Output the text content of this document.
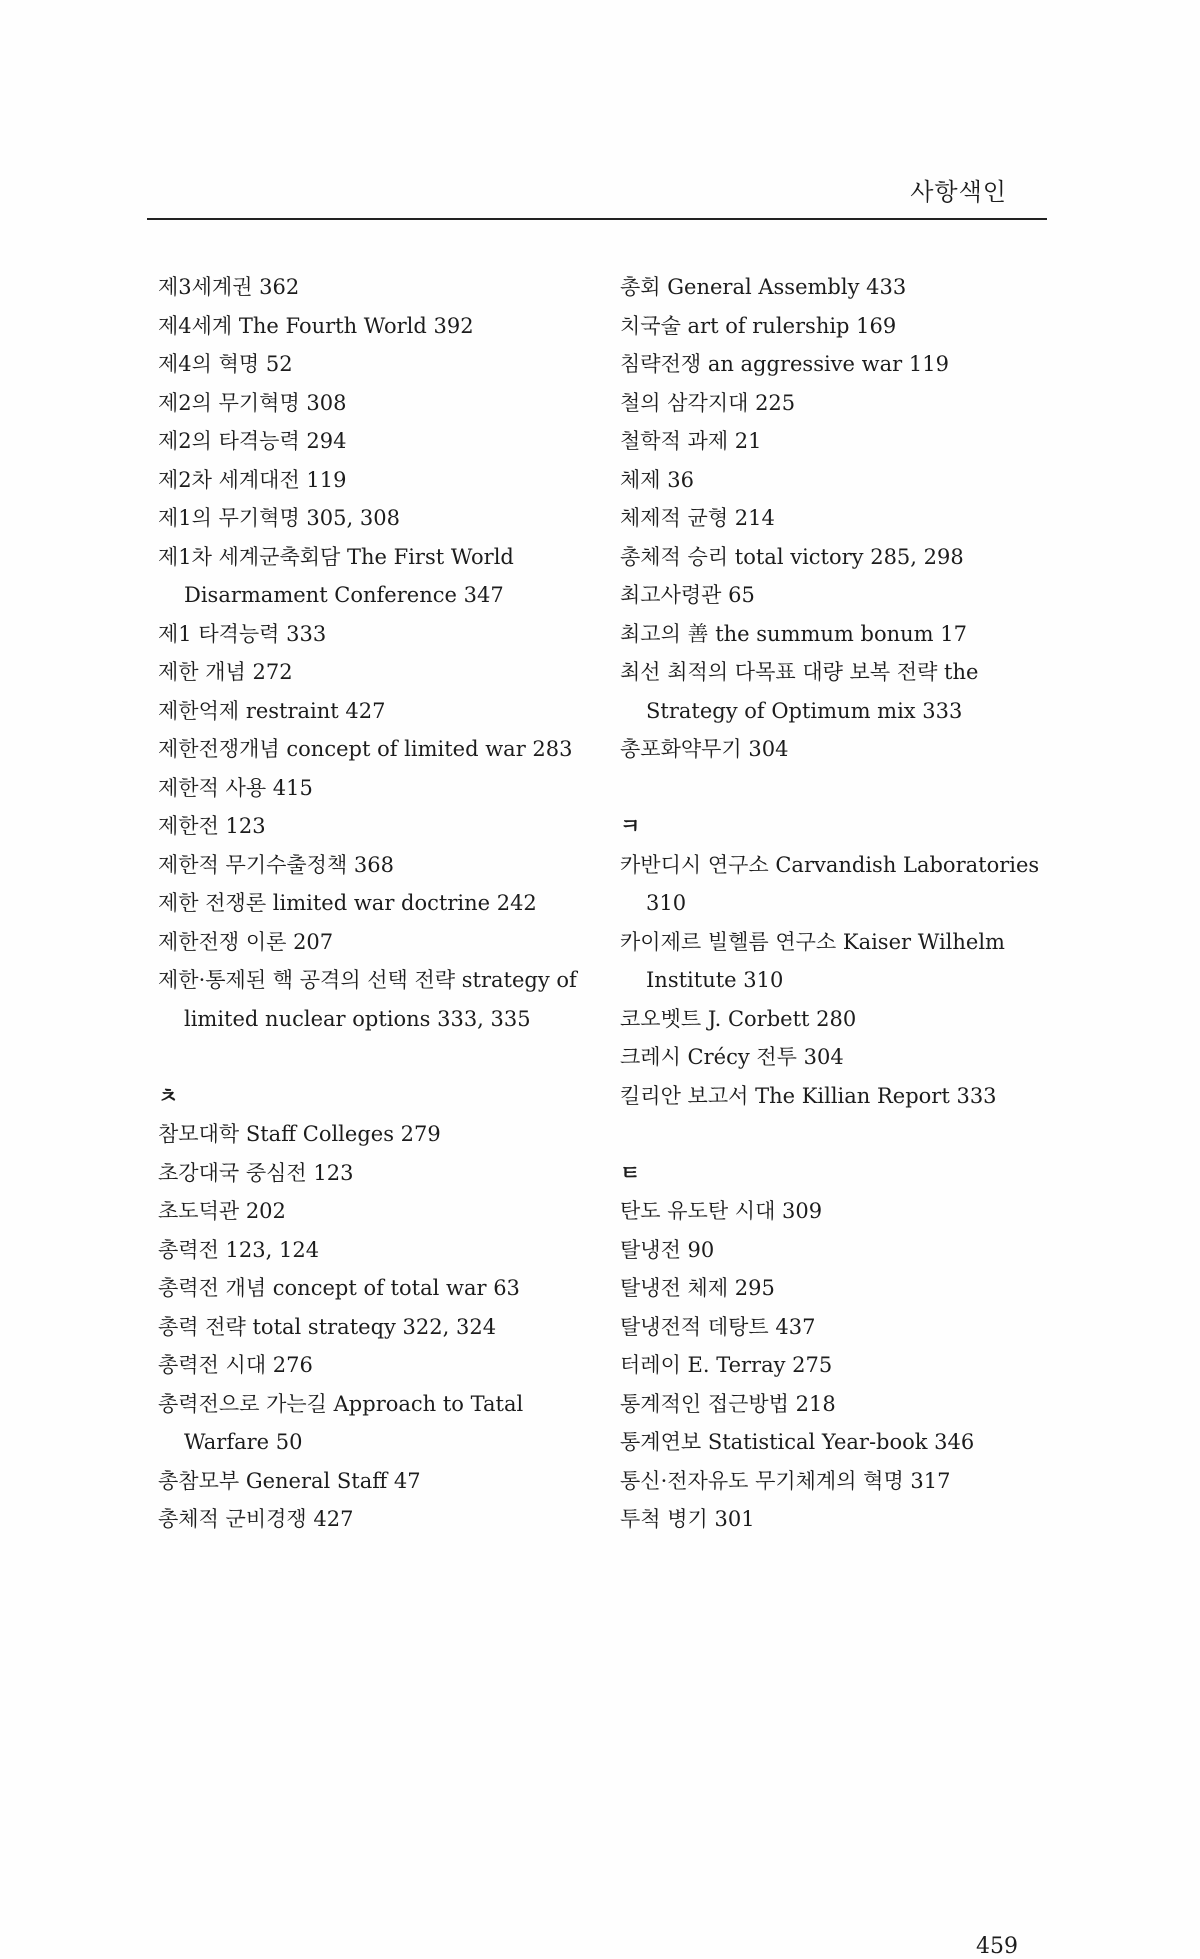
사항색인
제3세계권 362
제4세계 The Fourth World 392
제4의 혁명 52
제2의 무기혁명 308
제2의 타격능력 294
제2차 세계대전 119
제1의 무기혁명 305, 308
제1차 세계군축회담 The First World Disarmament Conference 347
제1 타격능력 333
제한 개념 272
제한억제 restraint 427
제한전쟁개념 concept of limited war 283
제한적 사용 415
제한전 123
제한적 무기수출정책 368
제한 전쟁론 limited war doctrine 242
제한전쟁 이론 207
제한·통제된 핵 공격의 선택 전략 strategy of limited nuclear options 333, 335
ㅊ
참모대학 Staff Colleges 279
초강대국 중심전 123
초도덕관 202
총력전 123, 124
총력전 개념 concept of total war 63
총력 전략 total strateqy 322, 324
총력전 시대 276
총력전으로 가는길 Approach to Tatal Warfare 50
총참모부 General Staff 47
총체적 군비경쟁 427
총회 General Assembly 433
치국술 art of rulership 169
침략전쟁 an aggressive war 119
철의 삼각지대 225
철학적 과제 21
체제 36
체제적 균형 214
총체적 승리 total victory 285, 298
최고사령관 65
최고의 善 the summum bonum 17
최선 최적의 다목표 대량 보복 전략 the Strategy of Optimum mix 333
총포화약무기 304
ㅋ
카반디시 연구소 Carvandish Laboratories 310
카이제르 빌헬름 연구소 Kaiser Wilhelm Institute 310
코오벳트 J. Corbett 280
크레시 Crécy 전투 304
킬리안 보고서 The Killian Report 333
ㅌ
탄도 유도탄 시대 309
탈냉전 90
탈냉전 체제 295
탈냉전적 데탕트 437
터레이 E. Terray 275
통계적인 접근방법 218
통계연보 Statistical Year-book 346
통신·전자유도 무기체계의 혁명 317
투척 병기 301
459
